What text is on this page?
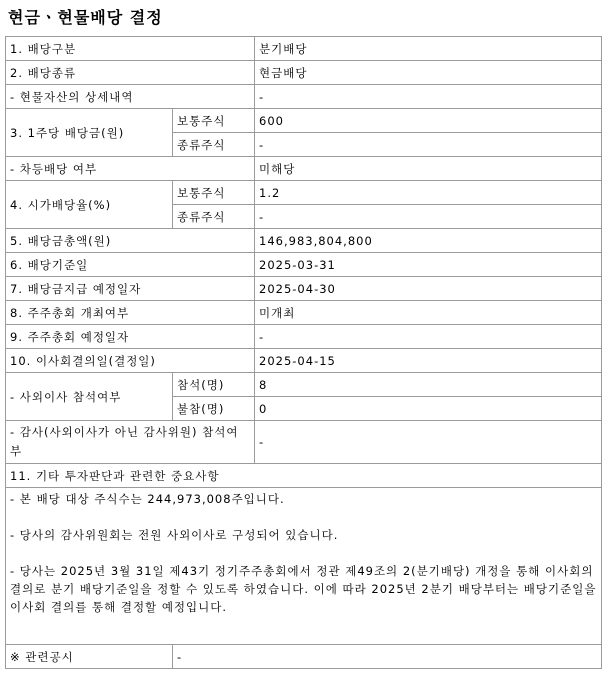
현금ㆍ현물배당 결정
1. 배당구분		분기배당
2. 배당종류		현금배당
- 현물자산의 상세내역		-
3. 1주당 배당금(원)	보통주식	600
	종류주식	-
- 차등배당 여부		미해당
4. 시가배당율(%)	보통주식	1.2
	종류주식	-
5. 배당금총액(원)		146,983,804,800
6. 배당기준일		2025-03-31
7. 배당금지급 예정일자		2025-04-30
8. 주주총회 개최여부		미개최
9. 주주총회 예정일자		-
10. 이사회결의일(결정일)		2025-04-15
- 사외이사 참석여부	참석(명)	8
	불참(명)	0
- 감사(사외이사가 아닌 감사위원) 참석여부		-
11. 기타 투자판단과 관련한 중요사항		

- 본 배당 대상 주식수는 244,973,008주입니다.
- 당사의 감사위원회는 전원 사외이사로 구성되어 있습니다.
- 당사는 2025년 3월 31일 제43기 정기주주총회에서 정관 제49조의 2(분기배당) 개정을 통해 이사회의 결의로 분기 배당기준일을 정할 수 있도록 하였습니다. 이에 따라 2025년 2분기 배당부터는 배당기준일을 이사회 결의를 통해 결정할 예정입니다.		

※ 관련공시	-	
